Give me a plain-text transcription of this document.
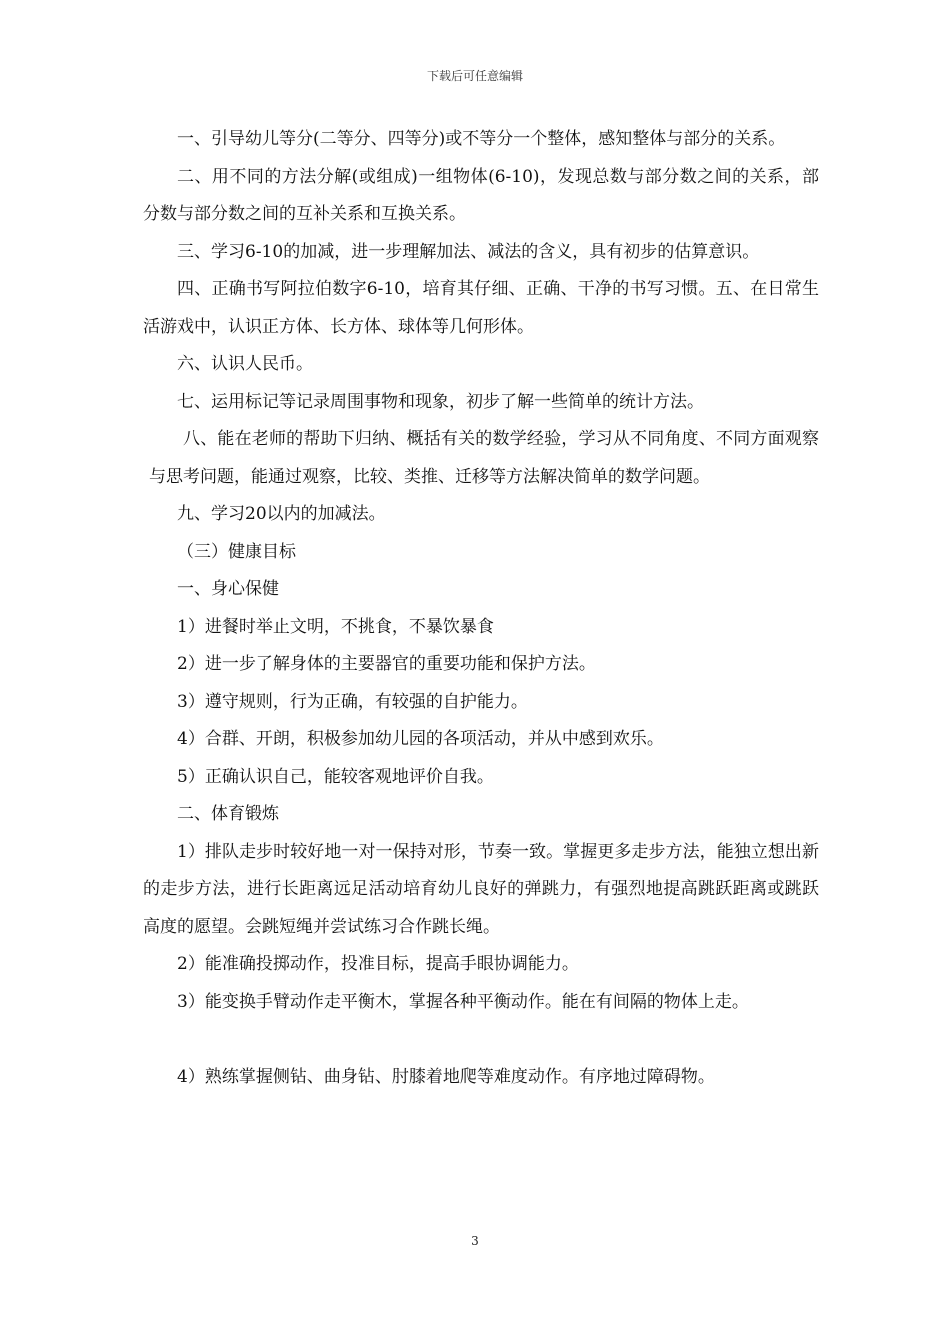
下载后可任意编辑

一、引导幼儿等分(二等分、四等分)或不等分一个整体，感知整体与部分的关系。

二、用不同的方法分解(或组成)一组物体(6-10)，发现总数与部分数之间的关系，部分数与部分数之间的互补关系和互换关系。

三、学习6-10的加减，进一步理解加法、减法的含义，具有初步的估算意识。

四、正确书写阿拉伯数字6-10，培育其仔细、正确、干净的书写习惯。五、在日常生活游戏中，认识正方体、长方体、球体等几何形体。

六、认识人民币。

七、运用标记等记录周围事物和现象，初步了解一些简单的统计方法。

八、能在老师的帮助下归纳、概括有关的数学经验，学习从不同角度、不同方面观察与思考问题，能通过观察，比较、类推、迁移等方法解决简单的数学问题。

九、学习20以内的加减法。

（三）健康目标

一、身心保健

1）进餐时举止文明，不挑食，不暴饮暴食

2）进一步了解身体的主要器官的重要功能和保护方法。

3）遵守规则，行为正确，有较强的自护能力。

4）合群、开朗，积极参加幼儿园的各项活动，并从中感到欢乐。

5）正确认识自己，能较客观地评价自我。

二、体育锻炼

1）排队走步时较好地一对一保持对形，节奏一致。掌握更多走步方法，能独立想出新的走步方法，进行长距离远足活动培育幼儿良好的弹跳力，有强烈地提高跳跃距离或跳跃高度的愿望。会跳短绳并尝试练习合作跳长绳。

2）能准确投掷动作，投准目标，提高手眼协调能力。

3）能变换手臂动作走平衡木，掌握各种平衡动作。能在有间隔的物体上走。

4）熟练掌握侧钻、曲身钻、肘膝着地爬等难度动作。有序地过障碍物。

3
